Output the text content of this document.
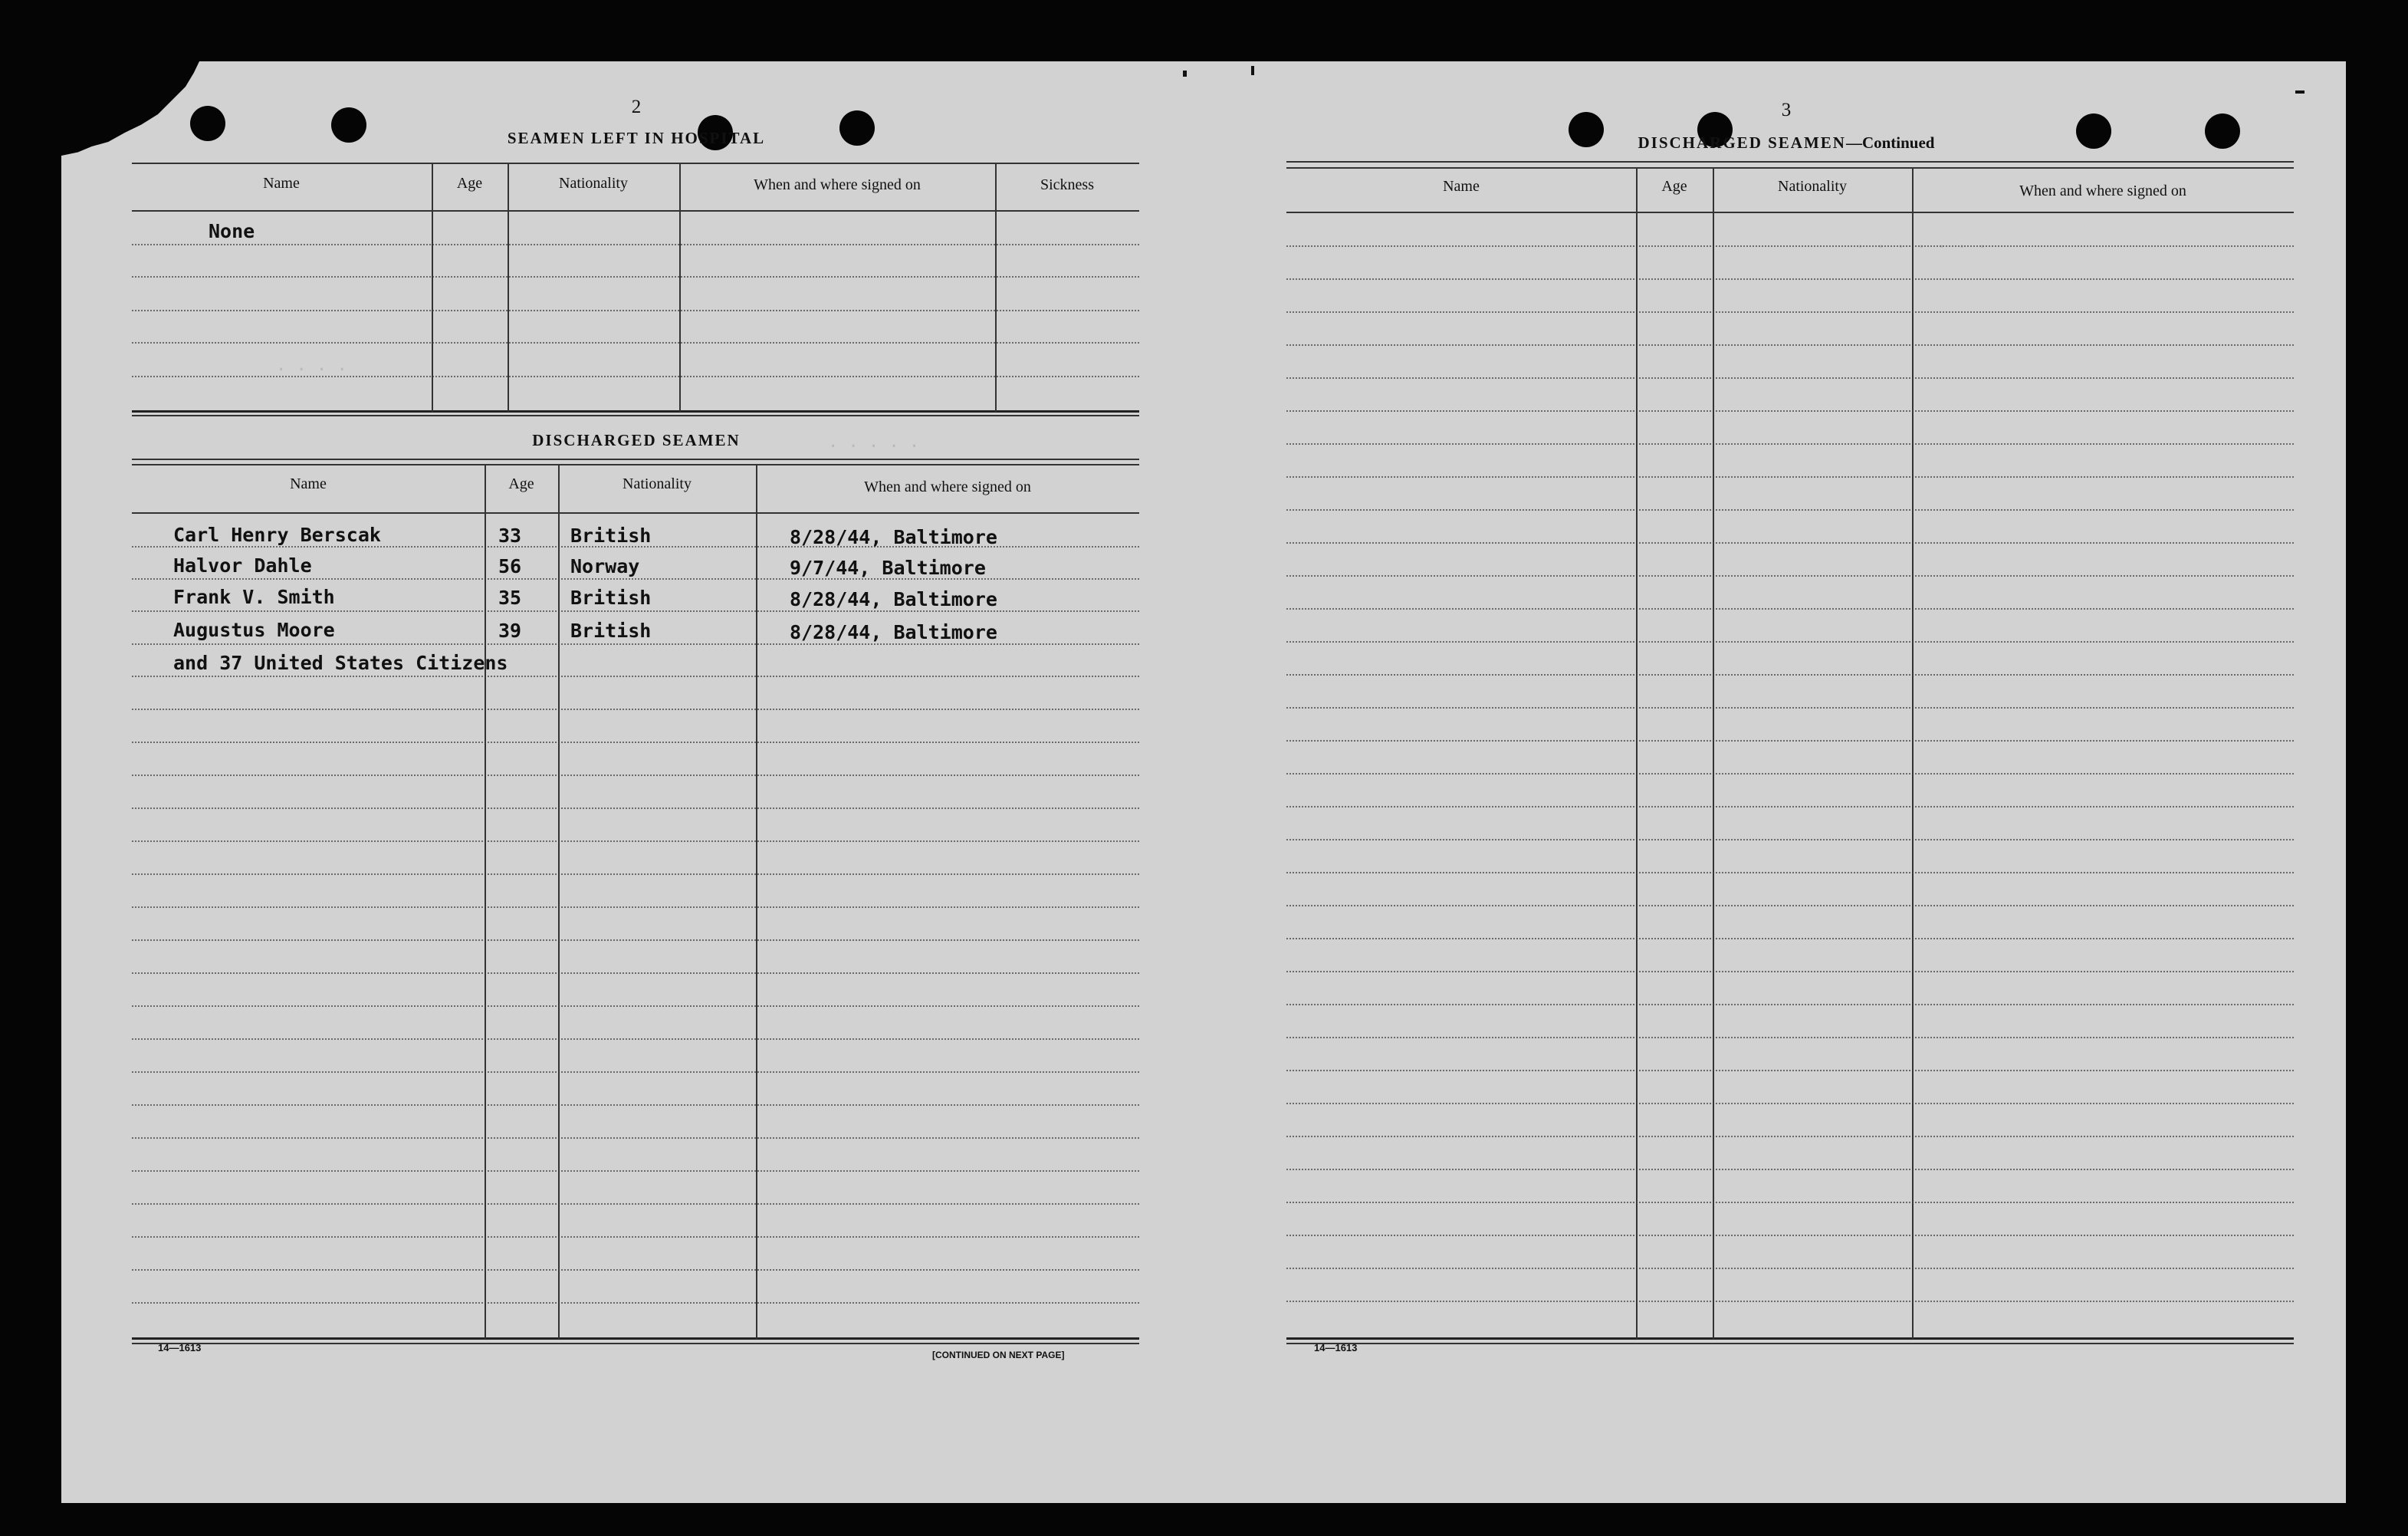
· · · ·
· · · · ·
· · · · · · ·
2
SEAMEN LEFT IN HOSPITAL
Name	Age	Nationality	When and where signed on	Sickness
None
DISCHARGED SEAMEN
Name	Age	Nationality	When and where signed on
Carl Henry Berscak	33	British	8/28/44, Baltimore
Halvor Dahle	56	Norway	9/7/44, Baltimore
Frank V. Smith	35	British	8/28/44, Baltimore
Augustus Moore	39	British	8/28/44, Baltimore
and 37 United States Citizens
14—1613
[CONTINUED ON NEXT PAGE]
3
DISCHARGED SEAMEN—Continued
Name	Age	Nationality	When and where signed on
14—1613
